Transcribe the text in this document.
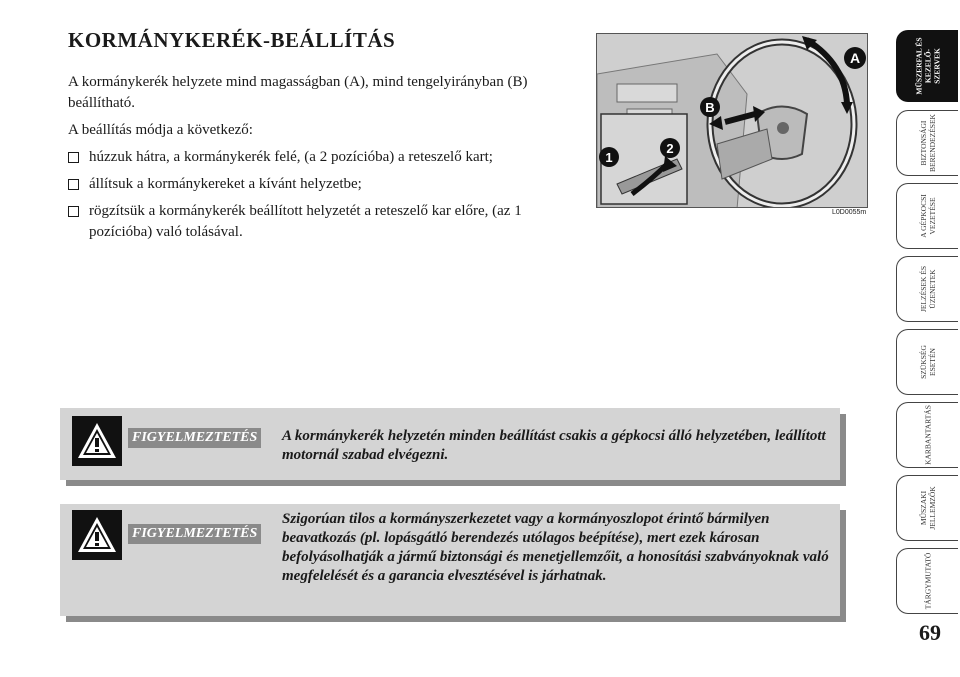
KORMÁNYKERÉK-BEÁLLÍTÁS

A kormánykerék helyzete mind magasságban (A), mind tengelyirányban (B) beállítható.

A beállítás módja a következő:

húzzuk hátra, a kormánykerék felé, (a 2 pozícióba) a reteszelő kart;
állítsuk a kormánykereket a kívánt helyzetbe;
rögzítsük a kormánykerék beállított helyzetét a reteszelő kar előre, (az 1 pozícióba) való tolásával.
A
B
1
2
L0D0055m
FIGYELMEZTETÉS A kormánykerék helyzetén minden beállítást csakis a gépkocsi álló helyzetében, leállított motornál szabad elvégezni.
FIGYELMEZTETÉS
Szigorúan tilos a kormányszerkezetet vagy a kormányoszlopot érintő bármilyen beavatkozás (pl. lopásgátló berendezés utólagos beépítése), mert ezek károsan befolyásolhatják a jármű biztonsági és menetjellemzőit, a honosítási szabványoknak való megfelelését és a garancia elvesztésével is járhatnak.
MŰSZERFAL ÉS KEZELŐ-SZERVEK
BIZTONSÁGI BERENDEZÉSEK
A GÉPKOCSI VEZETÉSE
JELZÉSEK ÉS ÜZENETEK
SZÜKSÉG ESETÉN
KARBANTARTÁS
MŰSZAKI JELLEMZŐK
TÁRGYMUTATÓ
69
